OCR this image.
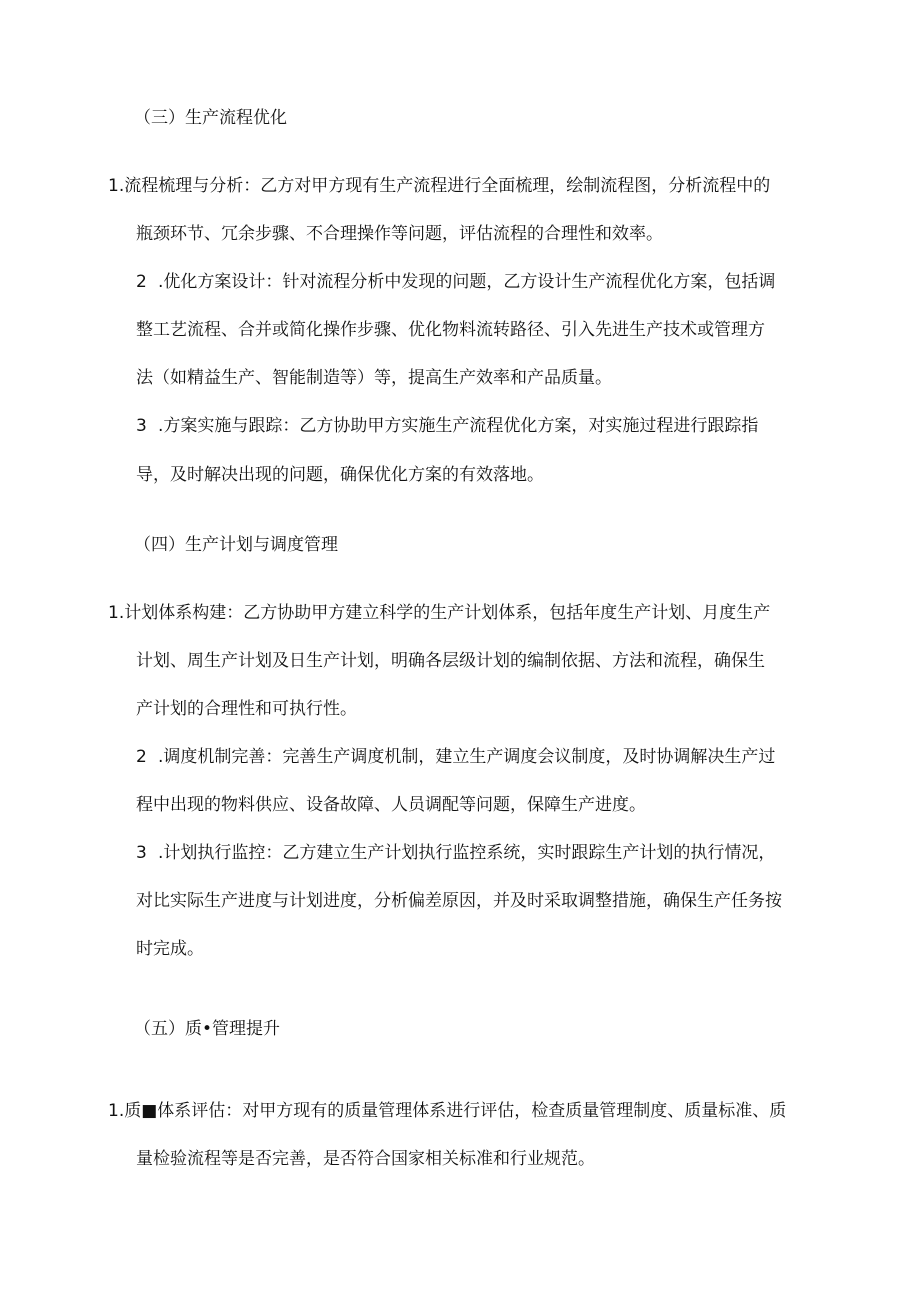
（三）生产流程优化
1.流程梳理与分析：乙方对甲方现有生产流程进行全面梳理，绘制流程图，分析流程中的
瓶颈环节、冗余步骤、不合理操作等问题，评估流程的合理性和效率。
2 .优化方案设计：针对流程分析中发现的问题，乙方设计生产流程优化方案，包括调
整工艺流程、合并或简化操作步骤、优化物料流转路径、引入先进生产技术或管理方
法（如精益生产、智能制造等）等，提高生产效率和产品质量。
3 .方案实施与跟踪：乙方协助甲方实施生产流程优化方案，对实施过程进行跟踪指
导，及时解决出现的问题，确保优化方案的有效落地。
（四）生产计划与调度管理
1.计划体系构建：乙方协助甲方建立科学的生产计划体系，包括年度生产计划、月度生产
计划、周生产计划及日生产计划，明确各层级计划的编制依据、方法和流程，确保生
产计划的合理性和可执行性。
2 .调度机制完善：完善生产调度机制，建立生产调度会议制度，及时协调解决生产过
程中出现的物料供应、设备故障、人员调配等问题，保障生产进度。
3 .计划执行监控：乙方建立生产计划执行监控系统，实时跟踪生产计划的执行情况，
对比实际生产进度与计划进度，分析偏差原因，并及时采取调整措施，确保生产任务按
时完成。
（五）质•管理提升
1.质■体系评估：对甲方现有的质量管理体系进行评估，检查质量管理制度、质量标准、质
量检验流程等是否完善，是否符合国家相关标准和行业规范。
